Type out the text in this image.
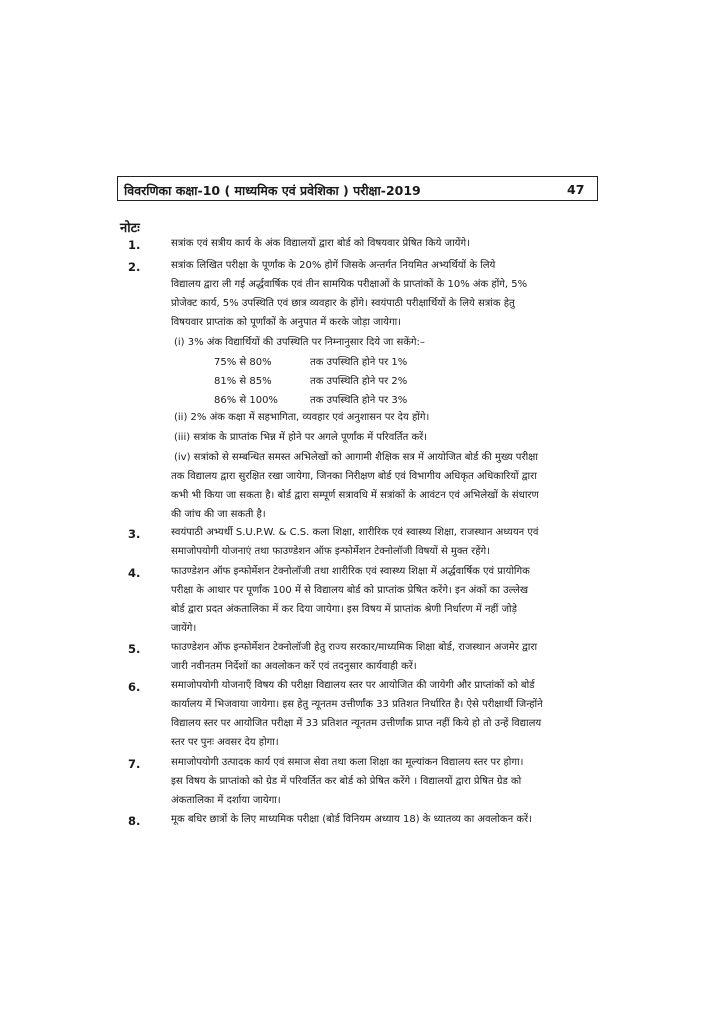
विवरणिका कक्षा-10 ( माध्यमिक एवं प्रवेशिका ) परीक्षा-2019	47
नोटः
1.	सत्रांक एवं सत्रीय कार्य के अंक विद्यालयों द्वारा बोर्ड को विषयवार प्रेषित किये जायेंगे।
2.	सत्रांक लिखित परीक्षा के पूर्णांक के 20% होगें जिसके अन्तर्गत नियमित अभ्यर्थियों के लिये
विद्यालय द्वारा ली गई अर्द्धवार्षिक एवं तीन सामयिक परीक्षाओं के प्राप्तांकों के 10% अंक होंगे, 5%
प्रोजेक्ट कार्य, 5% उपस्थिति एवं छात्र व्यवहार के होंगे। स्वयंपाठी परीक्षार्थियों के लिये सत्रांक हेतु
विषयवार प्राप्तांक को पूर्णांकों के अनुपात में करके जोड़ा जायेगा।
(i) 3% अंक विद्यार्थियों की उपस्थिति पर निम्नानुसार दिये जा सकेंगे:–
75% से 80%	तक उपस्थिति होने पर 1%
81% से 85%	तक उपस्थिति होने पर 2%
86% से 100%	तक उपस्थिति होने पर 3%
(ii) 2% अंक कक्षा में सहभागिता, व्यवहार एवं अनुशासन पर देय होंगे।
(iii) सत्रांक के प्राप्तांक भिन्न में होने पर अगले पूर्णांक में परिवर्तित करें।
(iv) सत्रांको से सम्बन्धित समस्त अभिलेखों को आगामी शैक्षिक सत्र में आयोजित बोर्ड की मुख्य परीक्षा
तक विद्यालय द्वारा सुरक्षित रखा जायेगा, जिनका निरीक्षण बोर्ड एवं विभागीय अधिकृत अधिकारियों द्वारा
कभी भी किया जा सकता है। बोर्ड द्वारा सम्पूर्ण सत्रावधि में सत्रांकों के आवंटन एवं अभिलेखों के संधारण
की जांच की जा सकती है।
3.	स्वयंपाठी अभ्यर्थी S.U.P.W. & C.S. कला शिक्षा, शारीरिक एवं स्वास्थ्य शिक्षा, राजस्थान अध्ययन एवं
समाजोपयोगी योजनाएं तथा फाउण्डेशन ऑफ इन्फोर्मेशन टेक्नोलॉजी विषयों से मुक्त रहेंगे।
4.	फाउण्डेशन ऑफ इन्फोर्मेशन टेक्नोलॉजी तथा शारीरिक एवं स्वास्थ्य शिक्षा में अर्द्धवार्षिक एवं प्रायोगिक
परीक्षा के आधार पर पूर्णांक 100 में से विद्यालय बोर्ड को प्राप्तांक प्रेषित करेंगे। इन अंकों का उल्लेख
बोर्ड द्वारा प्रदत अंकतालिका में कर दिया जायेगा। इस विषय में प्राप्तांक श्रेणी निर्धारण में नहीं जोड़े
जायेंगे।
5.	फाउण्डेशन ऑफ इन्फोर्मेशन टेक्नोलॉजी हेतु राज्य सरकार/माध्यमिक शिक्षा बोर्ड, राजस्थान अजमेर द्वारा
जारी नवीनतम निर्देशों का अवलोकन करें एवं तदनुसार कार्यवाही करें।
6.	समाजोपयोगी योजनाएँ विषय की परीक्षा विद्यालय स्तर पर आयोजित की जायेगी और प्राप्तांकों को बोर्ड
कार्यालय में भिजवाया जायेगा। इस हेतु न्यूनतम उत्तीर्णांक 33 प्रतिशत निर्धारित है। ऐसे परीक्षार्थी जिन्होंने
विद्यालय स्तर पर आयोजित परीक्षा में 33 प्रतिशत न्यूनतम उत्तीर्णांक प्राप्त नहीं किये हो तो उन्हें विद्यालय
स्तर पर पुनः अवसर देय होगा।
7.	समाजोपयोगी उत्पादक कार्य एवं समाज सेवा तथा कला शिक्षा का मूल्यांकन विद्यालय स्तर पर होगा।
इस विषय के प्राप्तांको को ग्रेड में परिवर्तित कर बोर्ड को प्रेषित करेंगे । विद्यालयों द्वारा प्रेषित ग्रेड को
अंकतालिका में दर्शाया जायेगा।
8.	मूक बधिर छात्रों के लिए माध्यमिक परीक्षा (बोर्ड विनियम अध्याय 18) के ध्यातव्य का अवलोकन करें।
